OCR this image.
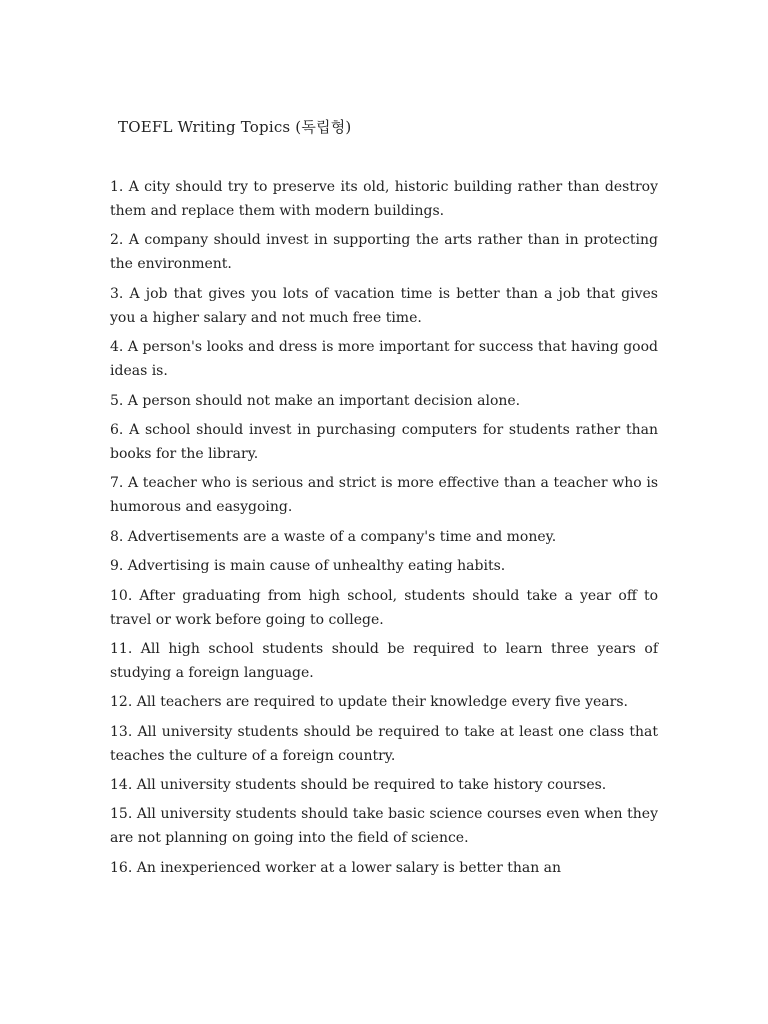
TOEFL Writing Topics (독립형)
1. A city should try to preserve its old, historic building rather than destroy them and replace them with modern buildings.
2. A company should invest in supporting the arts rather than in protecting the environment.
3. A job that gives you lots of vacation time is better than a job that gives you a higher salary and not much free time.
4. A person's looks and dress is more important for success that having good ideas is.
5. A person should not make an important decision alone.
6. A school should invest in purchasing computers for students rather than books for the library.
7. A teacher who is serious and strict is more effective than a teacher who is humorous and easygoing.
8. Advertisements are a waste of a company's time and money.
9. Advertising is main cause of unhealthy eating habits.
10. After graduating from high school, students should take a year off to travel or work before going to college.
11. All high school students should be required to learn three years of studying a foreign language.
12. All teachers are required to update their knowledge every five years.
13. All university students should be required to take at least one class that teaches the culture of a foreign country.
14. All university students should be required to take history courses.
15. All university students should take basic science courses even when they are not planning on going into the field of science.
16. An inexperienced worker at a lower salary is better than an
